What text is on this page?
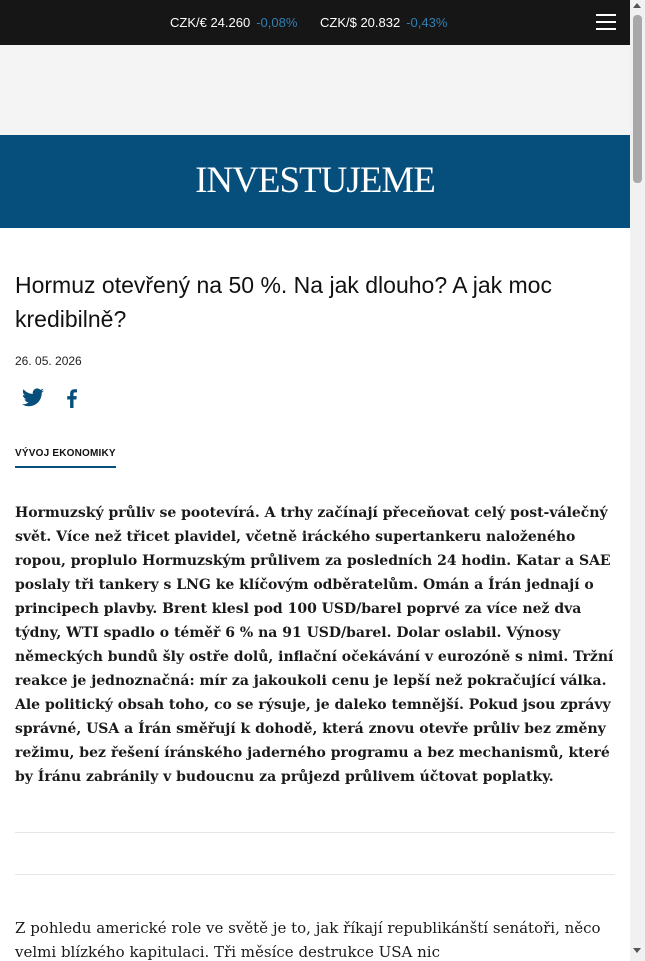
CZK/€ 24.260 -0,08% CZK/$ 20.832 -0,43%
INVESTUJEME
Hormuz otevřený na 50 %. Na jak dlouho? A jak moc kredibilně?
26. 05. 2026
VÝVOJ EKONOMIKY

Hormuzský průliv se pootevírá. A trhy začínají přeceňovat celý post-válečný svět. Více než třicet plavidel, včetně iráckého supertankeru naloženého ropou, proplulo Hormuzským průlivem za posledních 24 hodin. Katar a SAE poslaly tři tankery s LNG ke klíčovým odběratelům. Omán a Írán jednají o principech plavby. Brent klesl pod 100 USD/barel poprvé za více než dva týdny, WTI spadlo o téměř 6 % na 91 USD/barel. Dolar oslabil. Výnosy německých bundů šly ostře dolů, inflační očekávání v eurozóně s nimi. Tržní reakce je jednoznačná: mír za jakoukoli cenu je lepší než pokračující válka. Ale politický obsah toho, co se rýsuje, je daleko temnější. Pokud jsou zprávy správné, USA a Írán směřují k dohodě, která znovu otevře průliv bez změny režimu, bez řešení íránského jaderného programu a bez mechanismů, které by Íránu zabránily v budoucnu za průjezd průlivem účtovat poplatky.

Z pohledu americké role ve světě je to, jak říkají republikánští senátoři, něco velmi blízkého kapitulaci. Tři měsíce destrukce USA nic
